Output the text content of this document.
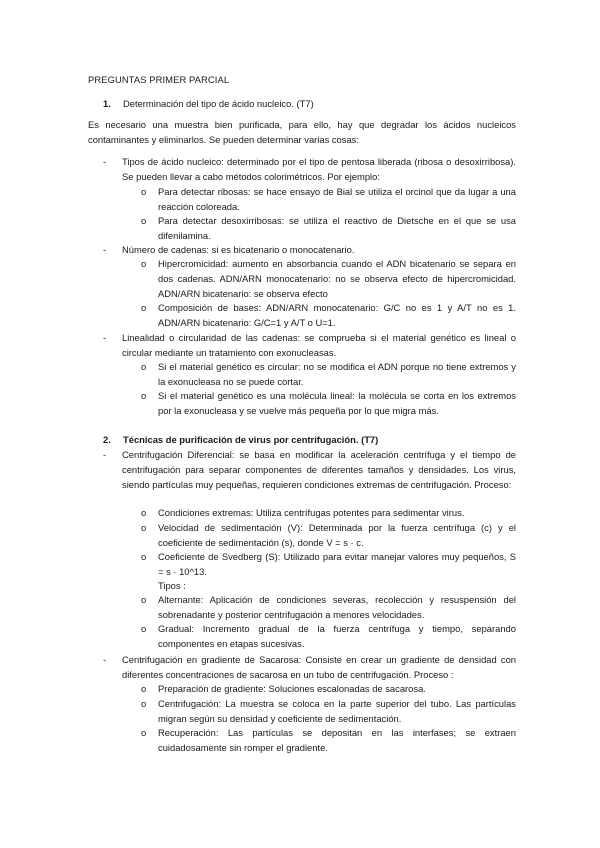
PREGUNTAS PRIMER PARCIAL
1. Determinación del tipo de ácido nucleico. (T7)

Es necesario una muestra bien purificada, para ello, hay que degradar los ácidos nucleicos contaminantes y eliminarlos. Se pueden determinar varias cosas:

- Tipos de ácido nucleico: determinado por el tipo de pentosa liberada (ribosa o desoxirribosa). Se pueden llevar a cabo métodos colorimétricos. Por ejemplo:

o Para detectar ribosas: se hace ensayo de Bial se utiliza el orcinol que da lugar a una reacción coloreada.

o Para detectar desoxirribosas: se utiliza el reactivo de Dietsche en el que se usa difenilamina.

- Número de cadenas: si es bicatenario o monocatenario.

o Hipercromicidad: aumento en absorbancia cuando el ADN bicatenario se separa en dos cadenas. ADN/ARN monocatenario: no se observa efecto de hipercromicidad. ADN/ARN bicatenario: se observa efecto

o Composición de bases: ADN/ARN monocatenario: G/C no es 1 y A/T no es 1. ADN/ARN bicatenario: G/C=1 y A/T o U=1.

- Linealidad o circularidad de las cadenas: se comprueba si el material genético es lineal o circular mediante un tratamiento con exonucleasas.

o Si el material genético es circular: no se modifica el ADN porque no tiene extremos y la exonucleasa no se puede cortar.

o Si el material genético es una molécula lineal: la molécula se corta en los extremos por la exonucleasa y se vuelve más pequeña por lo que migra más.

2. Técnicas de purificación de virus por centrifugación. (T7)
- Centrifugación Diferencial: se basa en modificar la aceleración centrífuga y el tiempo de centrifugación para separar componentes de diferentes tamaños y densidades. Los virus, siendo partículas muy pequeñas, requieren condiciones extremas de centrifugación. Proceso:

o Condiciones extremas: Utiliza centrífugas potentes para sedimentar virus.

o Velocidad de sedimentación (V): Determinada por la fuerza centrífuga (c) y el coeficiente de sedimentación (s), donde V = s · c.

o Coeficiente de Svedberg (S): Utilizado para evitar manejar valores muy pequeños, S = s · 10^13.

Tipos :
o Alternante: Aplicación de condiciones severas, recolección y resuspensión del sobrenadante y posterior centrifugación a menores velocidades.

o Gradual: Incremento gradual de la fuerza centrífuga y tiempo, separando componentes en etapas sucesivas.

- Centrifugación en gradiente de Sacarosa: Consiste en crear un gradiente de densidad con diferentes concentraciones de sacarosa en un tubo de centrifugación. Proceso :

o Preparación de gradiente: Soluciones escalonadas de sacarosa.

o Centrifugación: La muestra se coloca en la parte superior del tubo. Las partículas migran según su densidad y coeficiente de sedimentación.

o Recuperación: Las partículas se depositan en las interfases; se extraen cuidadosamente sin romper el gradiente.
